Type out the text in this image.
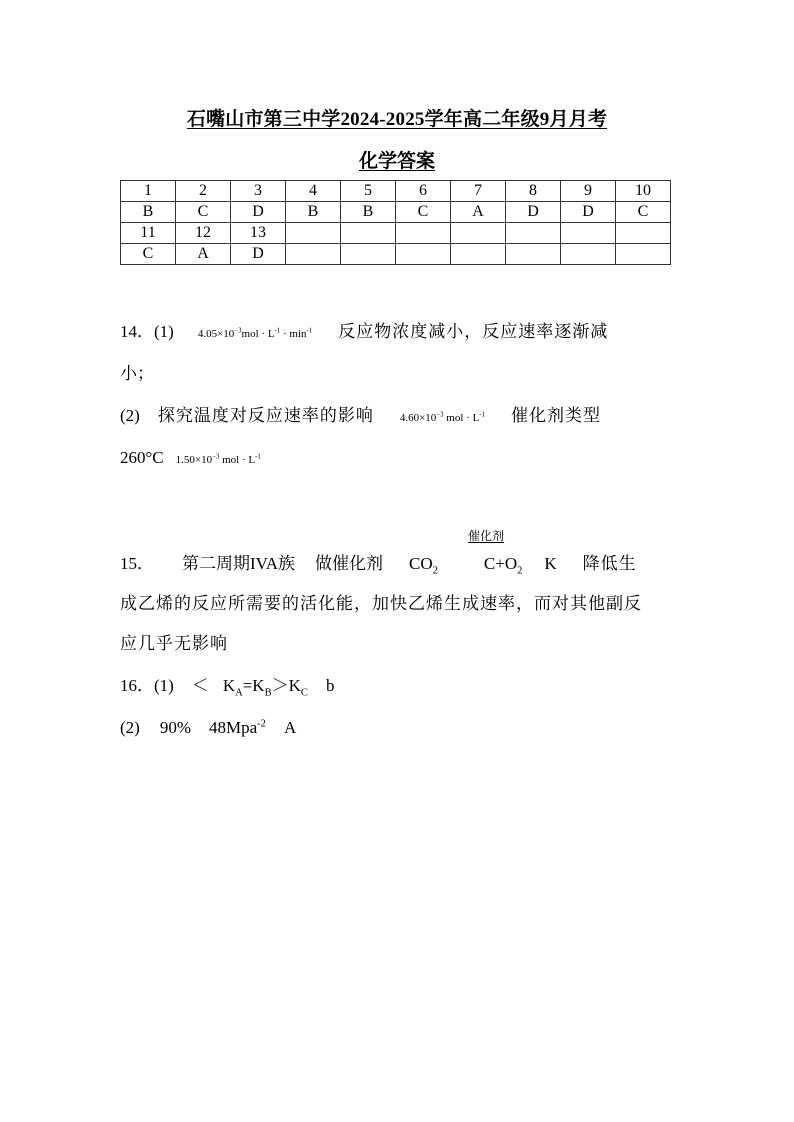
石嘴山市第三中学2024-2025学年高二年级9月月考
化学答案
1	2	3	4	5	6	7	8	9	10
B	C	D	B	B	C	A	D	D	C
11	12	13							
C	A	D							
14．(1) $4.05\times 10^{-3}mol \cdot L^{-1} \cdot \min^{-1}$ 反应物浓度减小，反应速率逐渐减
小；
(2) 探究温度对反应速率的影响 $4.60\times 10^{-3}$ mol · $L^{-1}$ 催化剂类型
260°C $1.50\times 10^{-3}$ mol · $L^{-1}$
催化剂
15． 第二周期IVA族 做催化剂 $CO_2$	$C+O_2$ K 降低生
成乙烯的反应所需要的活化能，加快乙烯生成速率，而对其他副反
应几乎无影响
16．$(1) < K_A=K_B>K_C$ b
(2) 90% 48Mpa$^{-2}$ A
